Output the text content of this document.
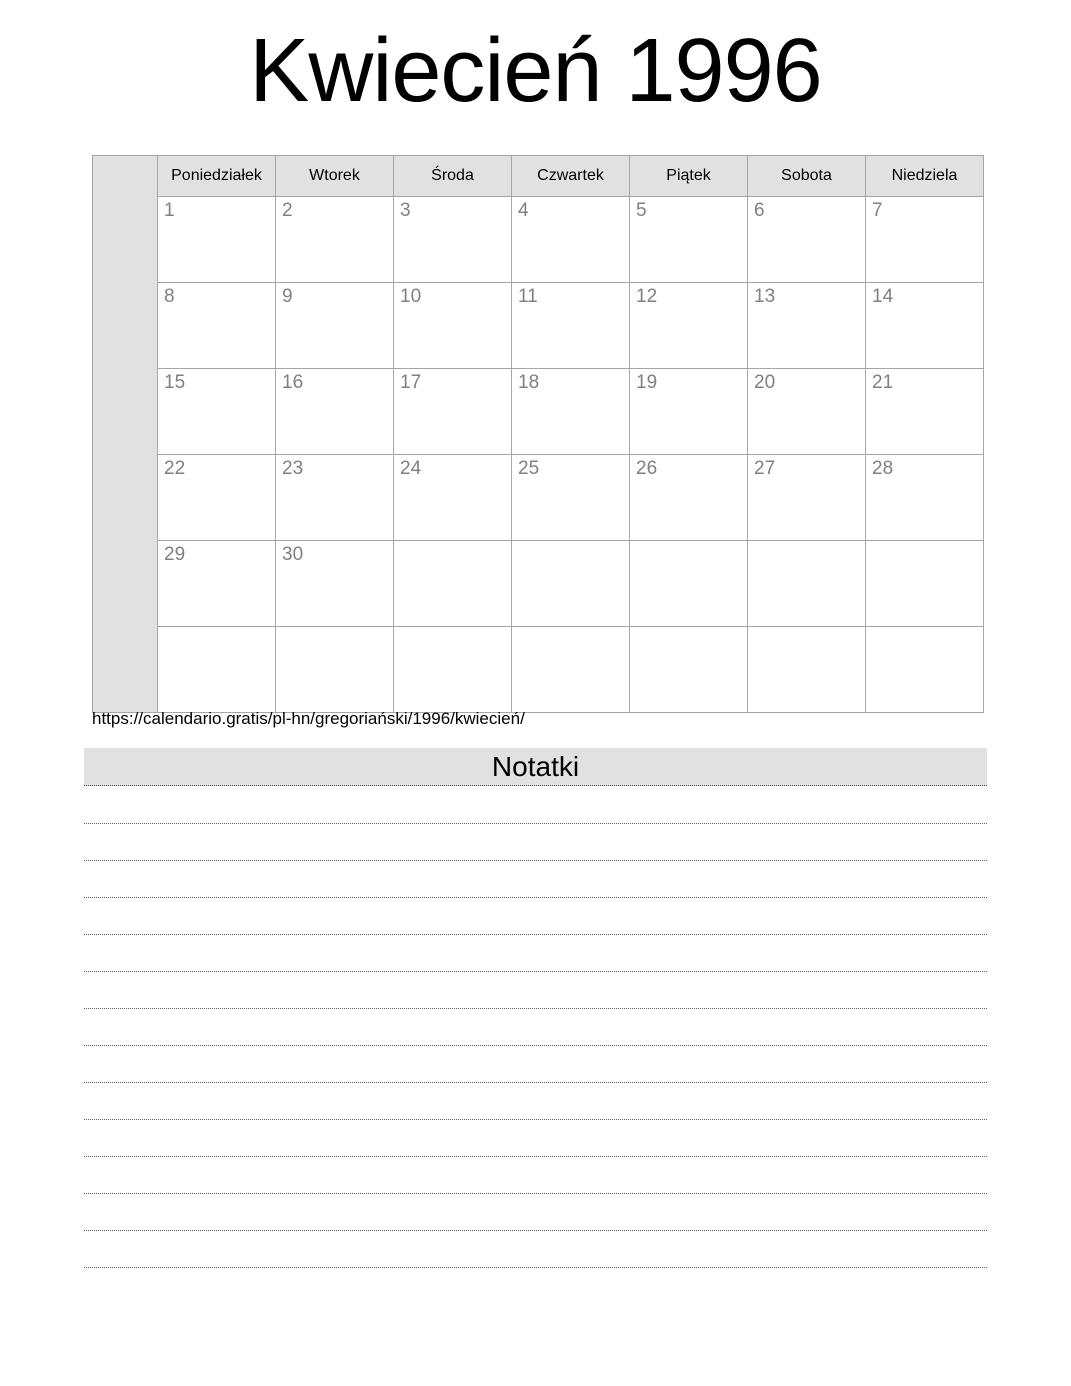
Kwiecień 1996
	Poniedziałek	Wtorek	Środa	Czwartek	Piątek	Sobota	Niedziela
	1	2	3	4	5	6	7
	8	9	10	11	12	13	14
	15	16	17	18	19	20	21
	22	23	24	25	26	27	28
	29	30					

https://calendario.gratis/pl-hn/gregoriański/1996/kwiecień/

Notatki
